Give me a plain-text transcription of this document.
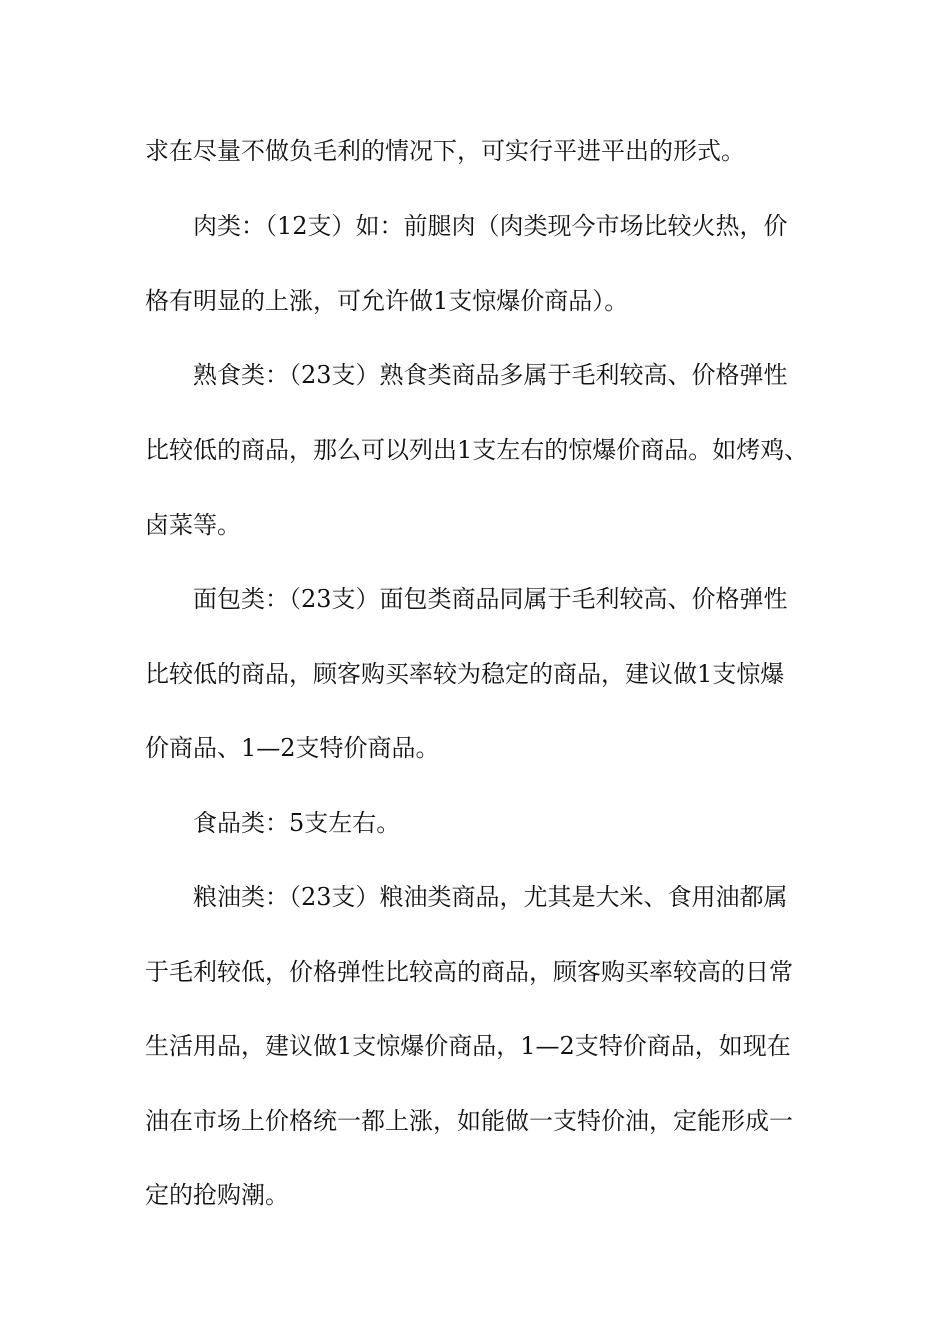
求在尽量不做负毛利的情况下，可实行平进平出的形式。
肉类：（12支）如：前腿肉（肉类现今市场比较火热，价
格有明显的上涨，可允许做1支惊爆价商品）。
熟食类：（23支）熟食类商品多属于毛利较高、价格弹性
比较低的商品，那么可以列出1支左右的惊爆价商品。如烤鸡、
卤菜等。
面包类：（23支）面包类商品同属于毛利较高、价格弹性
比较低的商品，顾客购买率较为稳定的商品，建议做1支惊爆
价商品、1—2支特价商品。
食品类：5支左右。
粮油类：（23支）粮油类商品，尤其是大米、食用油都属
于毛利较低，价格弹性比较高的商品，顾客购买率较高的日常
生活用品，建议做1支惊爆价商品，1—2支特价商品，如现在
油在市场上价格统一都上涨，如能做一支特价油，定能形成一
定的抢购潮。
